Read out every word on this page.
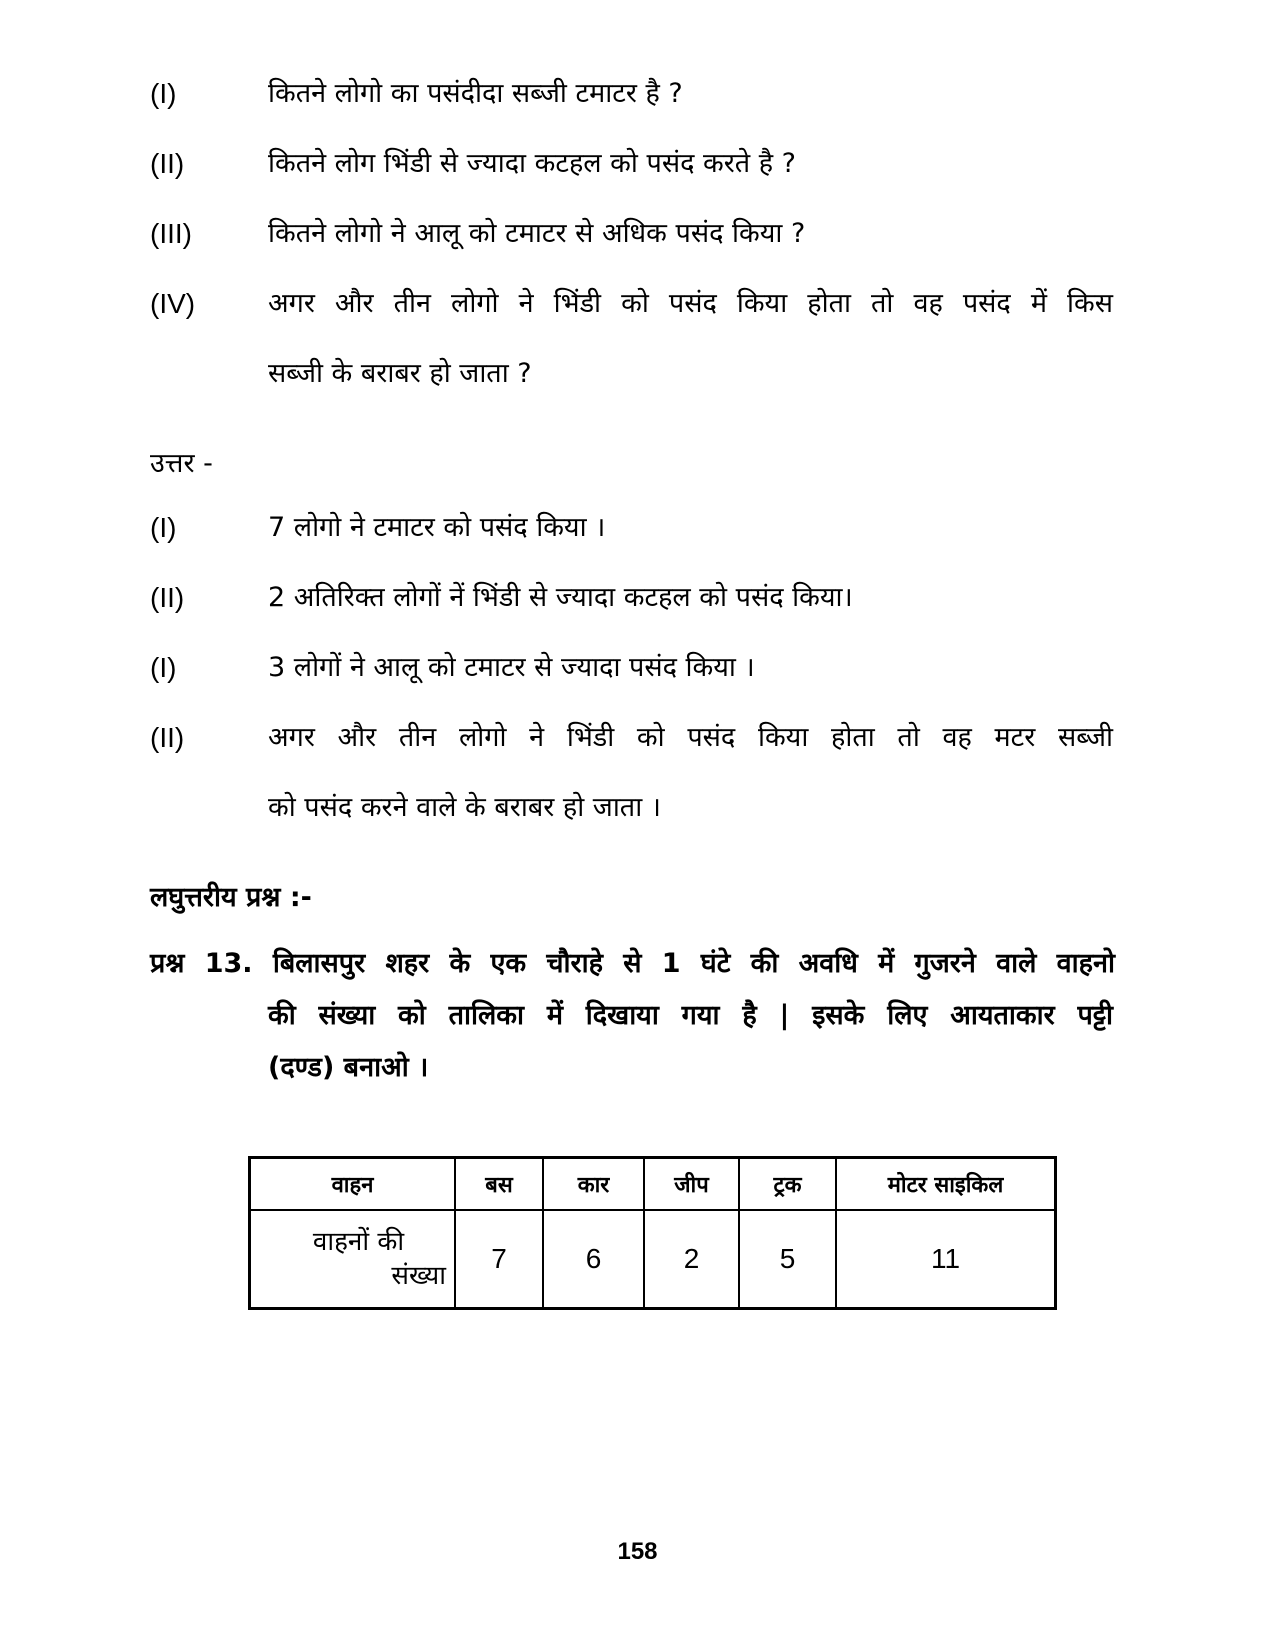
(I)	कितने लोगो का पसंदीदा सब्जी टमाटर है ?
(II)	कितने लोग भिंडी से ज्यादा कटहल को पसंद करते है ?
(III)	कितने लोगो ने आलू को टमाटर से अधिक पसंद किया ?
(IV)	अगर और तीन लोगो ने भिंडी को पसंद किया होता तो वह पसंद में किस
सब्जी के बराबर हो जाता ?
उत्तर -
(I)	7 लोगो ने टमाटर को पसंद किया ।
(II)	2 अतिरिक्त लोगों नें भिंडी से ज्यादा कटहल को पसंद किया।
(I)	3 लोगों ने आलू को टमाटर से ज्यादा पसंद किया ।
(II)	अगर और तीन लोगो ने भिंडी को पसंद किया होता तो वह मटर सब्जी
को पसंद करने वाले के बराबर हो जाता ।
लघुत्तरीय प्रश्न :-
प्रश्न 13. बिलासपुर शहर के एक चौराहे से 1 घंटे की अवधि में गुजरने वाले वाहनो
की संख्या को तालिका में दिखाया गया है | इसके लिए आयताकार पट्टी
(दण्ड) बनाओ ।
वाहन	बस	कार	जीप	ट्रक	मोटर साइकिल

वाहनों की
संख्या	7	6	2	5	11
158
